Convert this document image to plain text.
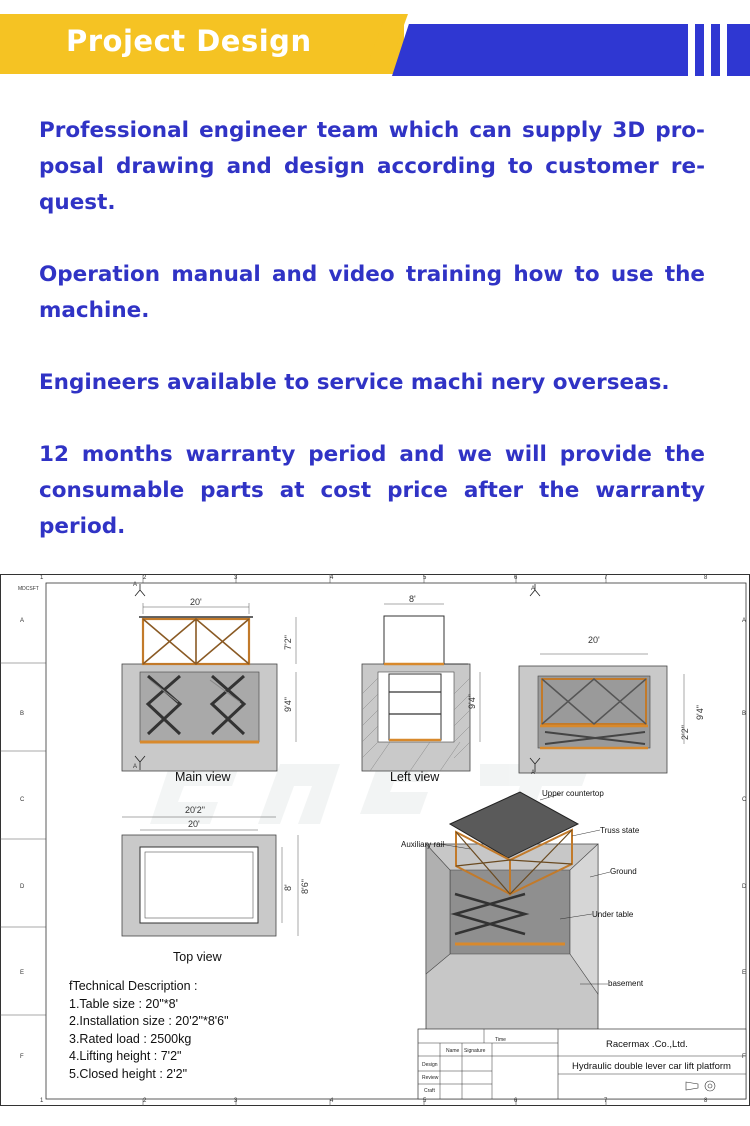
Project Design
Professional engineer team which can supply 3D pro- posal drawing and design according to customer re- quest.
Operation manual and video training how to use the machine.
Engineers available to service machi nery overseas.
12 months warranty period and we will provide the consumable parts at cost price after the warranty period.
1	2	3	4	5	6	7	8
1	2	3	4	5	6	7	8
MDCSFT
A
B
C
D
E
F
A
B
C
D
E
F
A
A
A
A
Main view	Left view
Top view
20'
7'2"
9'4"
8'
9'4"
20'
9'4"
2'2"
20'2"
20'
8' 8'6"
Upper countertop
Truss state
Auxiliary rail
Ground
Under table
basement
fTechnical Description :
1.Table size : 20"*8'
2.Installation size : 20'2"*8'6"
3.Rated load : 2500kg
4.Lifting height : 7'2"
5.Closed height : 2'2"
Racermax .Co.,Ltd.
Hydraulic double lever car lift platform
Time
Name Signature
Design
Review
Craft
